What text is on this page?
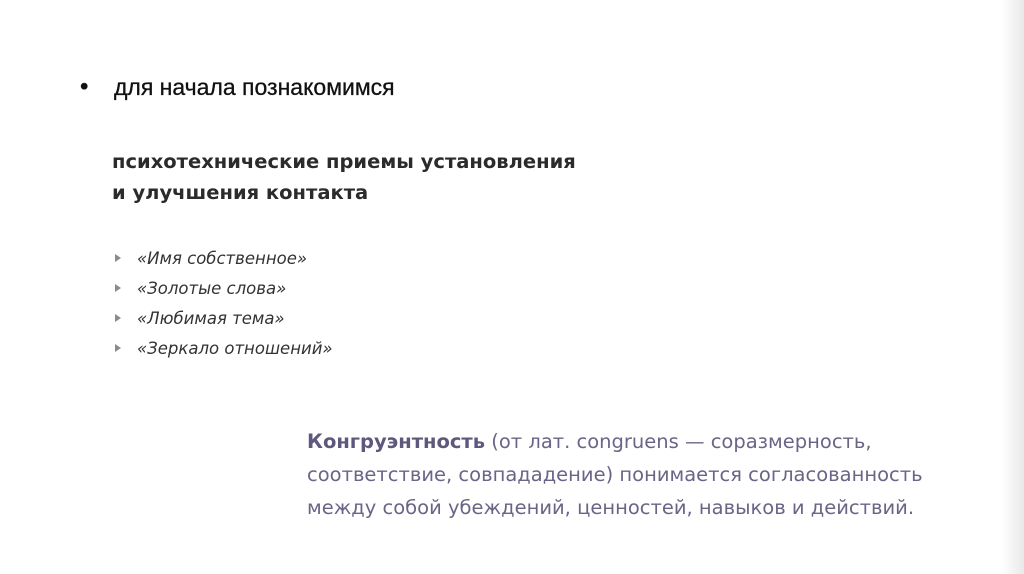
•	для начала познакомимся
психотехнические приемы установления
и улучшения контакта
«Имя собственное»
«Золотые слова»
«Любимая тема»
«Зеркало отношений»
Конгруэнтность (от лат. congruens — соразмерность,
соответствие, совпададение) понимается согласованность
между собой убеждений, ценностей, навыков и действий.
